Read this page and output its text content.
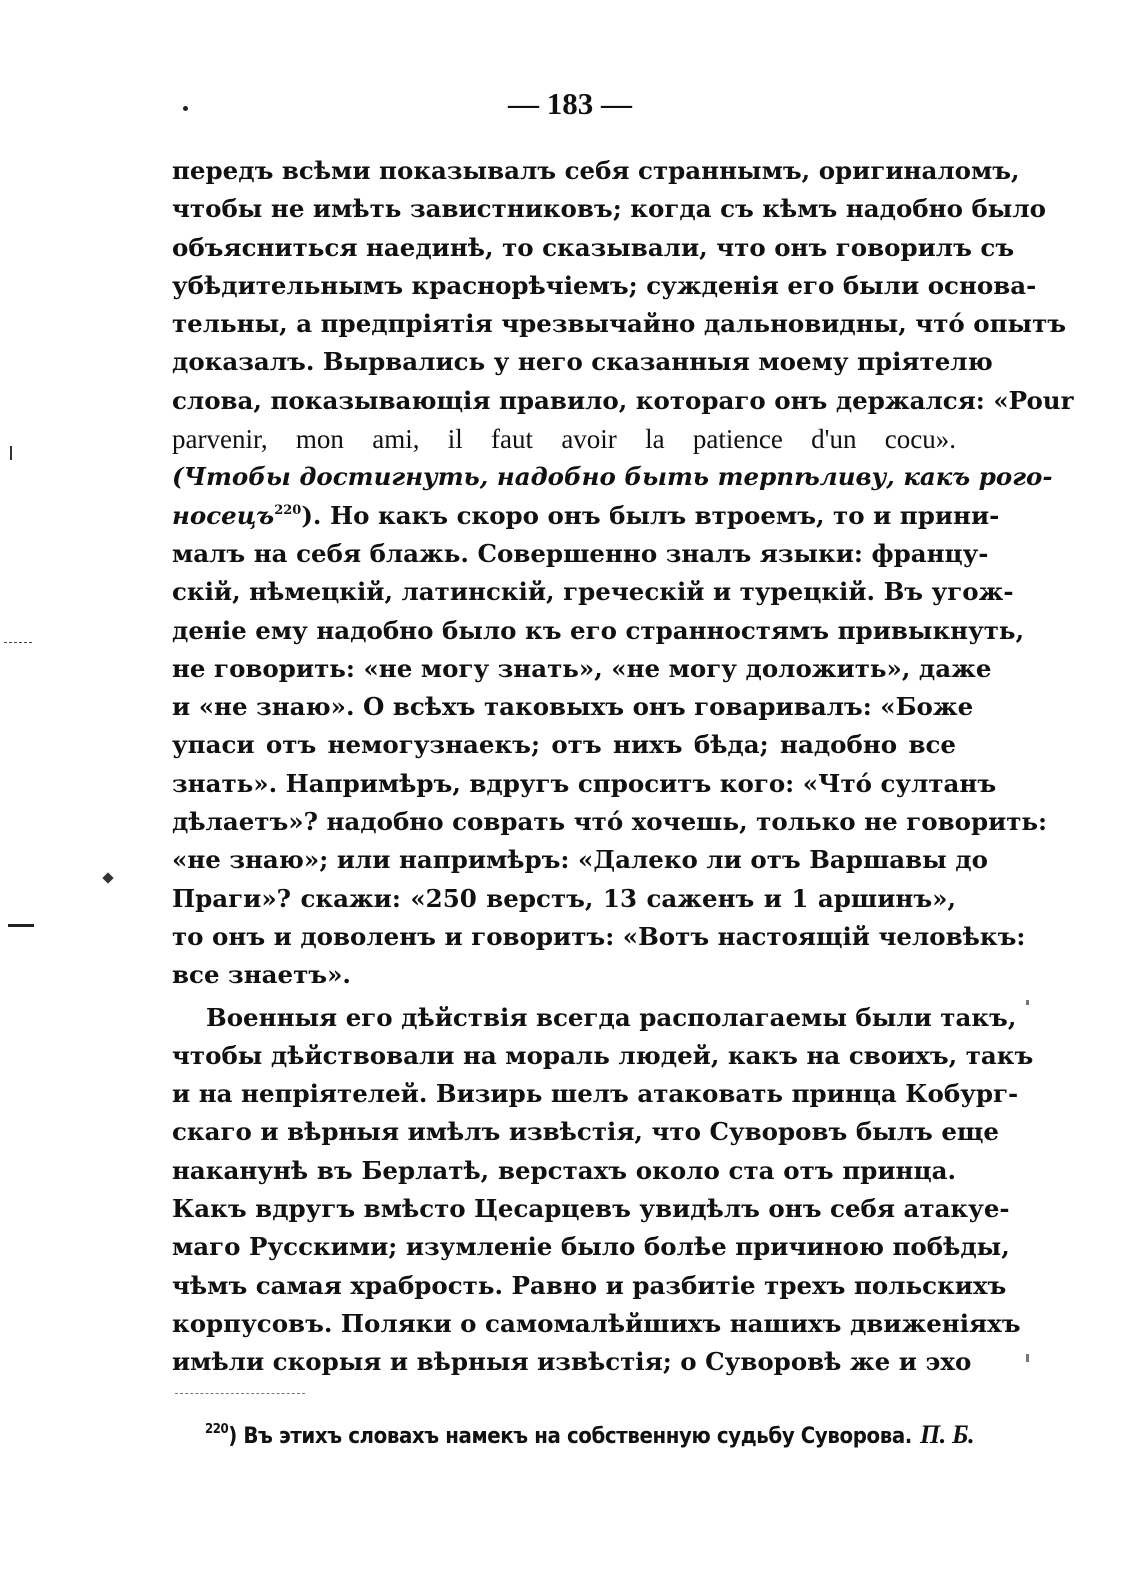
— 183 —
передъ всѣми показывалъ себя страннымъ, оригиналомъ,
чтобы не имѣть завистниковъ; когда съ кѣмъ надобно было
объясниться наединѣ, то сказывали, что онъ говорилъ съ
убѣдительнымъ краснорѣчіемъ; сужденія его были основа-
тельны, а предпріятія чрезвычайно дальновидны, что́ опытъ
доказалъ. Вырвались у него сказанныя моему пріятелю
слова, показывающія правило, котораго онъ держался: «Pour
parvenir, mon ami, il faut avoir la patience d'un cocu».
(Чтобы достигнуть, надобно быть терпѣливу, какъ рого-
носецъ$^{220}$). Но какъ скоро онъ былъ втроемъ, то и прини-
малъ на себя блажь. Совершенно зналъ языки: францу-
скій, нѣмецкій, латинскій, греческій и турецкій. Въ угож-
деніе ему надобно было къ его странностямъ привыкнуть,
не говорить: «не могу знать», «не могу доложить», даже
и «не знаю». О всѣхъ таковыхъ онъ говаривалъ: «Боже
упаси отъ немогузнаекъ; отъ нихъ бѣда; надобно все
знать». Напримѣръ, вдругъ спроситъ кого: «Что́ султанъ
дѣлаетъ»? надобно соврать что́ хочешь, только не говорить:
«не знаю»; или напримѣръ: «Далеко ли отъ Варшавы до
Праги»? скажи: «250 верстъ, 13 саженъ и 1 аршинъ»,
то онъ и доволенъ и говоритъ: «Вотъ настоящій человѣкъ:
все знаетъ».
Военныя его дѣйствія всегда располагаемы были такъ,
чтобы дѣйствовали на мораль людей, какъ на своихъ, такъ
и на непріятелей. Визирь шелъ атаковать принца Кобург-
скаго и вѣрныя имѣлъ извѣстія, что Суворовъ былъ еще
наканунѣ въ Берлатѣ, верстахъ около ста отъ принца.
Какъ вдругъ вмѣсто Цесарцевъ увидѣлъ онъ себя атакуе-
маго Русскими; изумленіе было болѣе причиною побѣды,
чѣмъ самая храбрость. Равно и разбитіе трехъ польскихъ
корпусовъ. Поляки о самомалѣйшихъ нашихъ движеніяхъ
имѣли скорыя и вѣрныя извѣстія; о Суворовѣ же и эхо
$^{220}$) Въ этихъ словахъ намекъ на собственную судьбу Суворова. П. Б.
